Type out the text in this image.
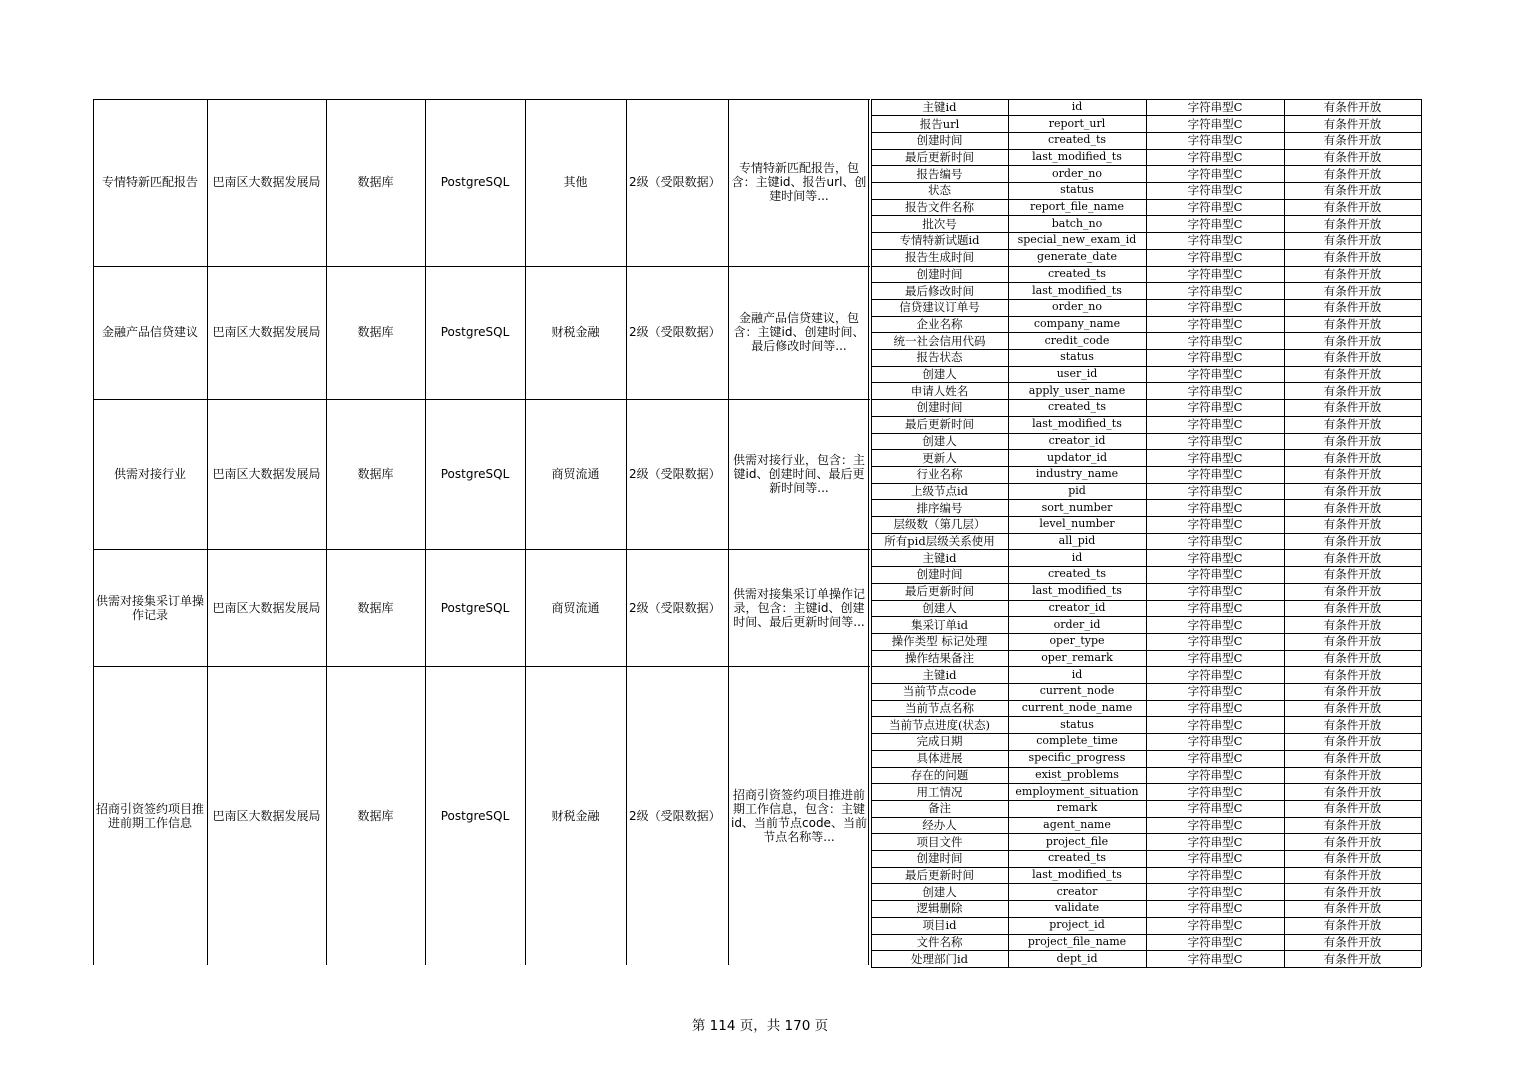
专情特新匹配报告	巴南区大数据发展局	数据库	PostgreSQL	其他	2级（受限数据）
专情特新匹配报告，包含：主键id、报告url、创建时间等...
主键id	id	字符串型C	有条件开放
报告url	report_url	字符串型C	有条件开放
创建时间	created_ts	字符串型C	有条件开放
最后更新时间	last_modified_ts	字符串型C	有条件开放
报告编号	order_no	字符串型C	有条件开放
状态	status	字符串型C	有条件开放
报告文件名称	report_file_name	字符串型C	有条件开放
批次号	batch_no	字符串型C	有条件开放
专情特新试题id	special_new_exam_id	字符串型C	有条件开放
报告生成时间	generate_date	字符串型C	有条件开放
金融产品信贷建议	巴南区大数据发展局	数据库	PostgreSQL	财税金融	2级（受限数据）
金融产品信贷建议，包含：主键id、创建时间、最后修改时间等...
创建时间	created_ts	字符串型C	有条件开放
最后修改时间	last_modified_ts	字符串型C	有条件开放
信贷建议订单号	order_no	字符串型C	有条件开放
企业名称	company_name	字符串型C	有条件开放
统一社会信用代码	credit_code	字符串型C	有条件开放
报告状态	status	字符串型C	有条件开放
创建人	user_id	字符串型C	有条件开放
申请人姓名	apply_user_name	字符串型C	有条件开放
供需对接行业	巴南区大数据发展局	数据库	PostgreSQL	商贸流通	2级（受限数据）
供需对接行业，包含：主键id、创建时间、最后更新时间等...
创建时间	created_ts	字符串型C	有条件开放
最后更新时间	last_modified_ts	字符串型C	有条件开放
创建人	creator_id	字符串型C	有条件开放
更新人	updator_id	字符串型C	有条件开放
行业名称	industry_name	字符串型C	有条件开放
上级节点id	pid	字符串型C	有条件开放
排序编号	sort_number	字符串型C	有条件开放
层级数（第几层）	level_number	字符串型C	有条件开放
所有pid层级关系使用	all_pid	字符串型C	有条件开放
供需对接集采订单操作记录	巴南区大数据发展局	数据库	PostgreSQL	商贸流通	2级（受限数据）
供需对接集采订单操作记录，包含：主键id、创建时间、最后更新时间等...
主键id	id	字符串型C	有条件开放
创建时间	created_ts	字符串型C	有条件开放
最后更新时间	last_modified_ts	字符串型C	有条件开放
创建人	creator_id	字符串型C	有条件开放
集采订单id	order_id	字符串型C	有条件开放
操作类型 标记处理	oper_type	字符串型C	有条件开放
操作结果备注	oper_remark	字符串型C	有条件开放
招商引资签约项目推进前期工作信息	巴南区大数据发展局	数据库	PostgreSQL	财税金融	2级（受限数据）
招商引资签约项目推进前期工作信息，包含：主键id、当前节点code、当前节点名称等...
主键id	id	字符串型C	有条件开放
当前节点code	current_node	字符串型C	有条件开放
当前节点名称	current_node_name	字符串型C	有条件开放
当前节点进度(状态)	status	字符串型C	有条件开放
完成日期	complete_time	字符串型C	有条件开放
具体进展	specific_progress	字符串型C	有条件开放
存在的问题	exist_problems	字符串型C	有条件开放
用工情况	employment_situation	字符串型C	有条件开放
备注	remark	字符串型C	有条件开放
经办人	agent_name	字符串型C	有条件开放
项目文件	project_file	字符串型C	有条件开放
创建时间	created_ts	字符串型C	有条件开放
最后更新时间	last_modified_ts	字符串型C	有条件开放
创建人	creator	字符串型C	有条件开放
逻辑删除	validate	字符串型C	有条件开放
项目id	project_id	字符串型C	有条件开放
文件名称	project_file_name	字符串型C	有条件开放
处理部门id	dept_id	字符串型C	有条件开放
第 114 页，共 170 页
